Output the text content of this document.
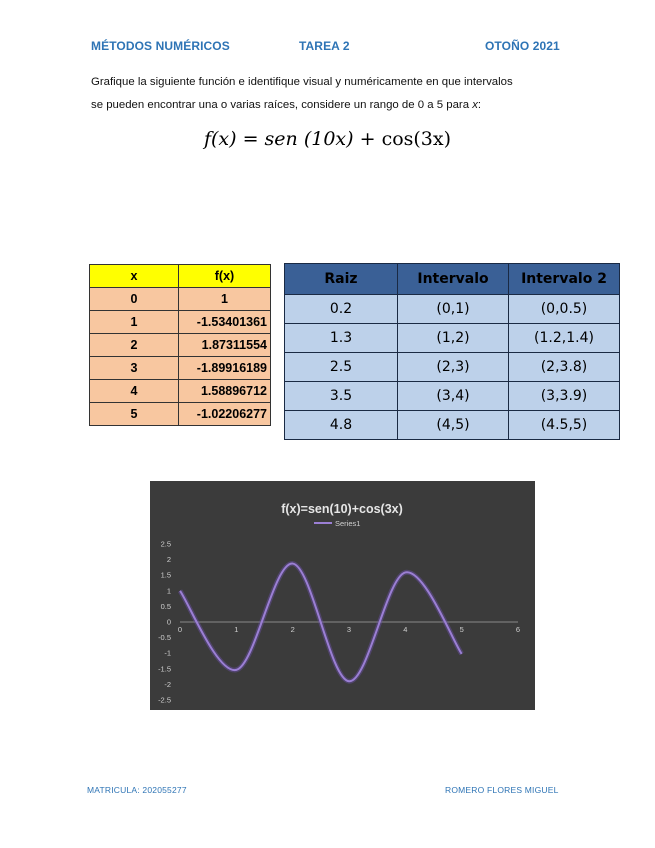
MÉTODOS NUMÉRICOS	TAREA 2	OTOÑO 2021
Grafique la siguiente función e identifique visual y numéricamente en que intervalos
se pueden encontrar una o varias raíces, considere un rango de 0 a 5 para x:
f(x) = sen (10x) + cos(3x)
x	f(x)
0	1
1	-1.53401361
2	1.87311554
3	-1.89916189
4	1.58896712
5	-1.02206277
Raiz	Intervalo	Intervalo 2
0.2	(0,1)	(0,0.5)
1.3	(1,2)	(1.2,1.4)
2.5	(2,3)	(2,3.8)
3.5	(3,4)	(3,3.9)
4.8	(4,5)	(4.5,5)
f(x)=sen(10)+cos(3x)
Series1
2.5
2
1.5
1
0.5
0
-0.5
-1
-1.5
-2
-2.5
0	1	2	3	4	5	6
MATRICULA: 202055277	ROMERO FLORES MIGUEL
